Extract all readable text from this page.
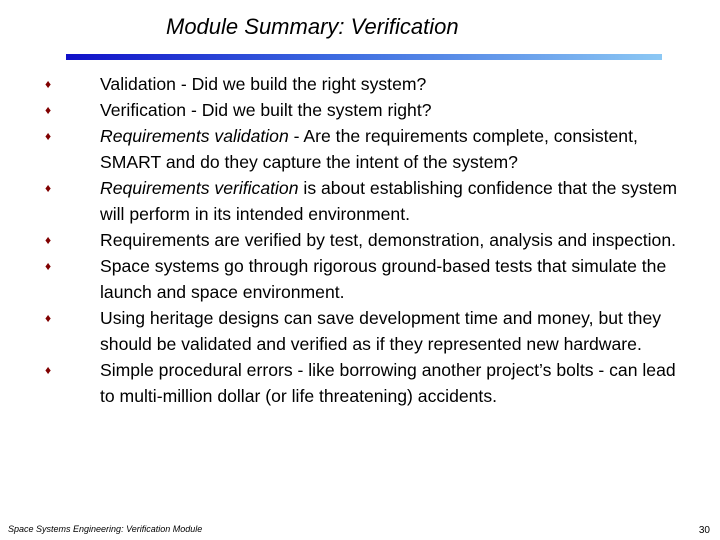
Module Summary: Verification
♦	Validation - Did we build the right system?
♦	Verification - Did we built the system right?
♦	Requirements validation - Are the requirements complete, consistent, SMART and do they capture the intent of the system?
♦	Requirements verification is about establishing confidence that the system will perform in its intended environment.
♦	Requirements are verified by test, demonstration, analysis and inspection.
♦	Space systems go through rigorous ground-based tests that simulate the launch and space environment.
♦	Using heritage designs can save development time and money, but they should be validated and verified as if they represented new hardware.
♦	Simple procedural errors - like borrowing another project’s bolts - can lead to multi-million dollar (or life threatening) accidents.
Space Systems Engineering: Verification Module	30
